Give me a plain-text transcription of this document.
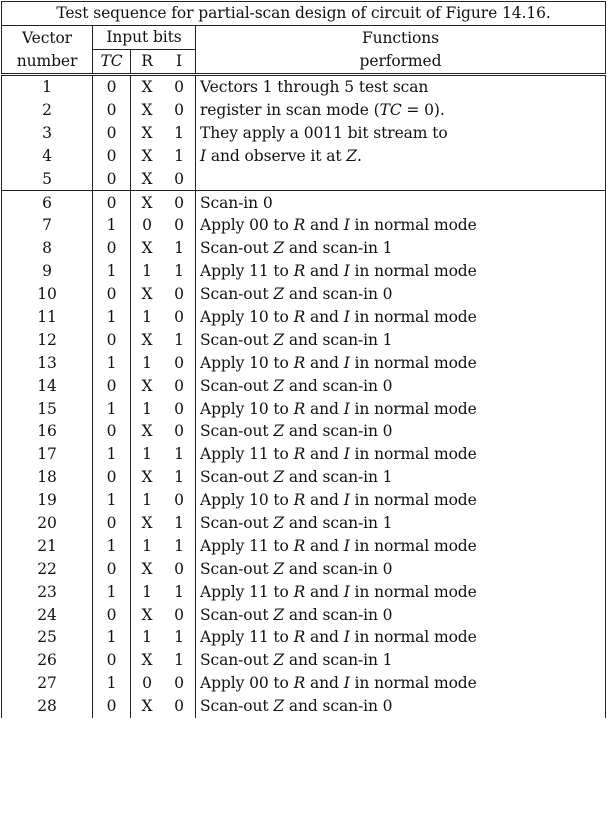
Test sequence for partial-scan design of circuit of Figure 14.16.				
Vector	Input bits			Functions
number	TC	R	I	performed
1	0	X	0	Vectors 1 through 5 test scan
2	0	X	0	register in scan mode (TC = 0).
3	0	X	1	They apply a 0011 bit stream to
4	0	X	1	I and observe it at Z.
5	0	X	0	
6	0	X	0	Scan-in 0
7	1	0	0	Apply 00 to R and I in normal mode
8	0	X	1	Scan-out Z and scan-in 1
9	1	1	1	Apply 11 to R and I in normal mode
10	0	X	0	Scan-out Z and scan-in 0
11	1	1	0	Apply 10 to R and I in normal mode
12	0	X	1	Scan-out Z and scan-in 1
13	1	1	0	Apply 10 to R and I in normal mode
14	0	X	0	Scan-out Z and scan-in 0
15	1	1	0	Apply 10 to R and I in normal mode
16	0	X	0	Scan-out Z and scan-in 0
17	1	1	1	Apply 11 to R and I in normal mode
18	0	X	1	Scan-out Z and scan-in 1
19	1	1	0	Apply 10 to R and I in normal mode
20	0	X	1	Scan-out Z and scan-in 1
21	1	1	1	Apply 11 to R and I in normal mode
22	0	X	0	Scan-out Z and scan-in 0
23	1	1	1	Apply 11 to R and I in normal mode
24	0	X	0	Scan-out Z and scan-in 0
25	1	1	1	Apply 11 to R and I in normal mode
26	0	X	1	Scan-out Z and scan-in 1
27	1	0	0	Apply 00 to R and I in normal mode
28	0	X	0	Scan-out Z and scan-in 0
